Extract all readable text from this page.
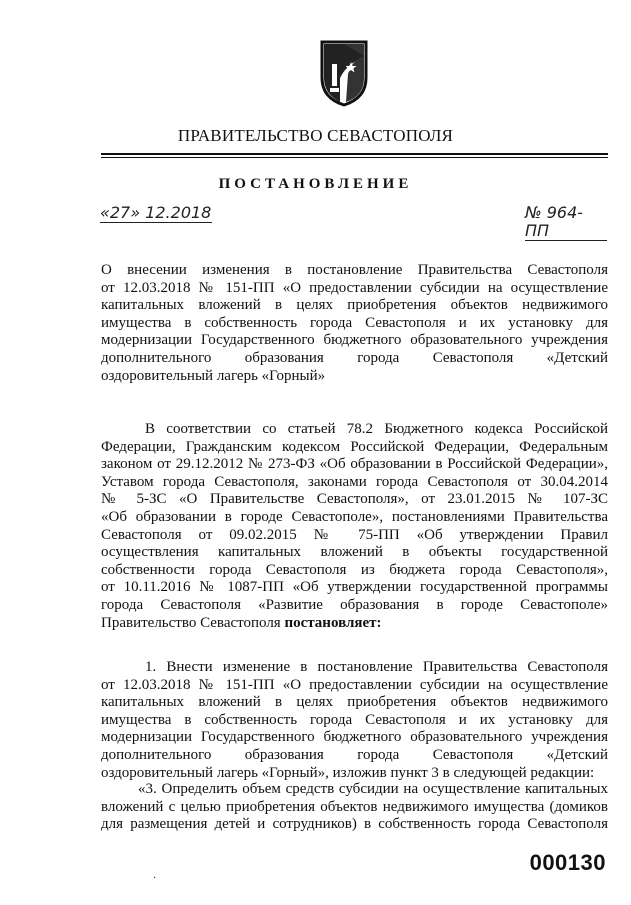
ПРАВИТЕЛЬСТВО СЕВАСТОПОЛЯ
ПОСТАНОВЛЕНИЕ
«27» 12.2018	№ 964-ПП
О внесении изменения в постановление Правительства Севастополя
от 12.03.2018 № 151-ПП «О предоставлении субсидии на осуществление
капитальных вложений в целях приобретения объектов недвижимого
имущества в собственность города Севастополя и их установку для
модернизации Государственного бюджетного образовательного учреждения
дополнительного образования города Севастополя «Детский
оздоровительный лагерь «Горный»
В соответствии со статьей 78.2 Бюджетного кодекса Российской
Федерации, Гражданским кодексом Российской Федерации, Федеральным
законом от 29.12.2012 № 273-ФЗ «Об образовании в Российской Федерации»,
Уставом города Севастополя, законами города Севастополя от 30.04.2014
№ 5-ЗС «О Правительстве Севастополя», от 23.01.2015 № 107-ЗС
«Об образовании в городе Севастополе», постановлениями Правительства
Севастополя от 09.02.2015 № 75-ПП «Об утверждении Правил
осуществления капитальных вложений в объекты государственной
собственности города Севастополя из бюджета города Севастополя»,
от 10.11.2016 № 1087-ПП «Об утверждении государственной программы
города Севастополя «Развитие образования в городе Севастополе»
Правительство Севастополя постановляет:
1. Внести изменение в постановление Правительства Севастополя
от 12.03.2018 № 151-ПП «О предоставлении субсидии на осуществление
капитальных вложений в целях приобретения объектов недвижимого
имущества в собственность города Севастополя и их установку для
модернизации Государственного бюджетного образовательного учреждения
дополнительного образования города Севастополя «Детский
оздоровительный лагерь «Горный», изложив пункт 3 в следующей редакции:
«3. Определить объем средств субсидии на осуществление капитальных
вложений с целью приобретения объектов недвижимого имущества (домиков
для размещения детей и сотрудников) в собственность города Севастополя
000130
·
